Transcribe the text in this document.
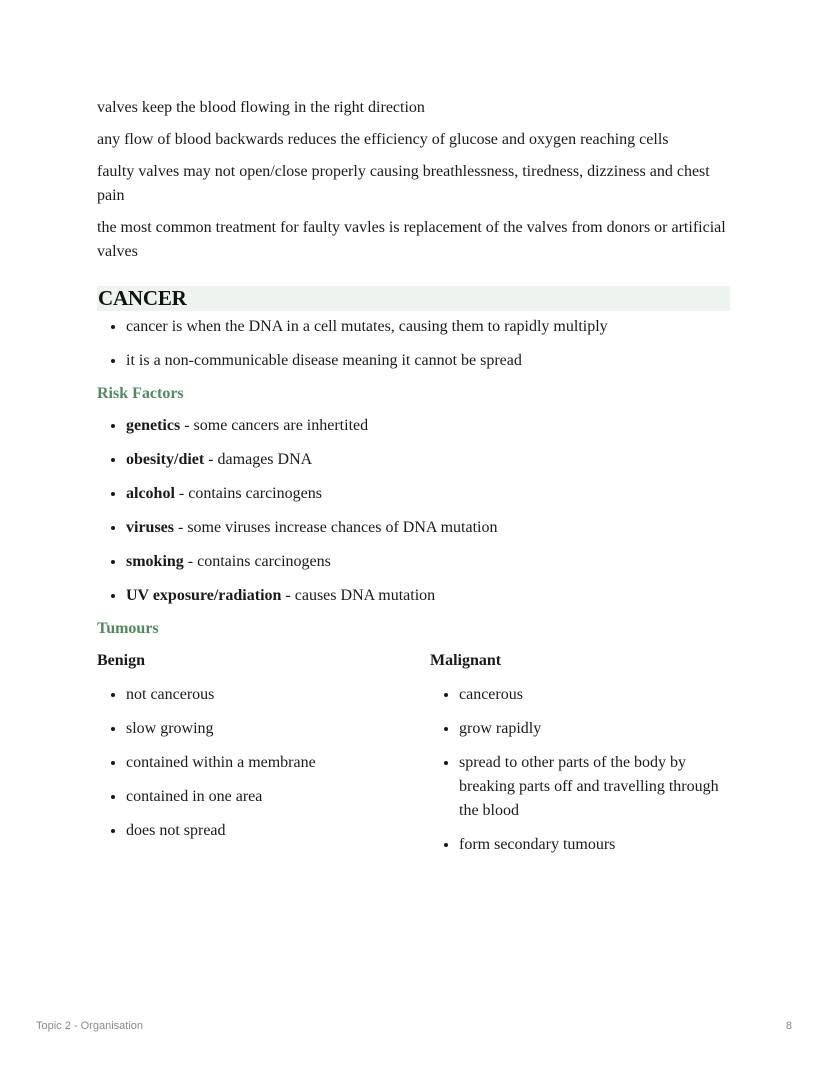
valves keep the blood flowing in the right direction

any flow of blood backwards reduces the efficiency of glucose and oxygen reaching cells

faulty valves may not open/close properly causing breathlessness, tiredness, dizziness and chest pain

the most common treatment for faulty vavles is replacement of the valves from donors or artificial valves

CANCER
• cancer is when the DNA in a cell mutates, causing them to rapidly multiply
• it is a non-communicable disease meaning it cannot be spread
Risk Factors
• genetics - some cancers are inhertited
• obesity/diet - damages DNA
• alcohol - contains carcinogens
• viruses - some viruses increase chances of DNA mutation
• smoking - contains carcinogens
• UV exposure/radiation - causes DNA mutation
Tumours
Benign
• not cancerous
• slow growing
• contained within a membrane
• contained in one area
• does not spread
Malignant
• cancerous
• grow rapidly
• spread to other parts of the body by breaking parts off and travelling through the blood
• form secondary tumours
Topic 2 - Organisation	8
